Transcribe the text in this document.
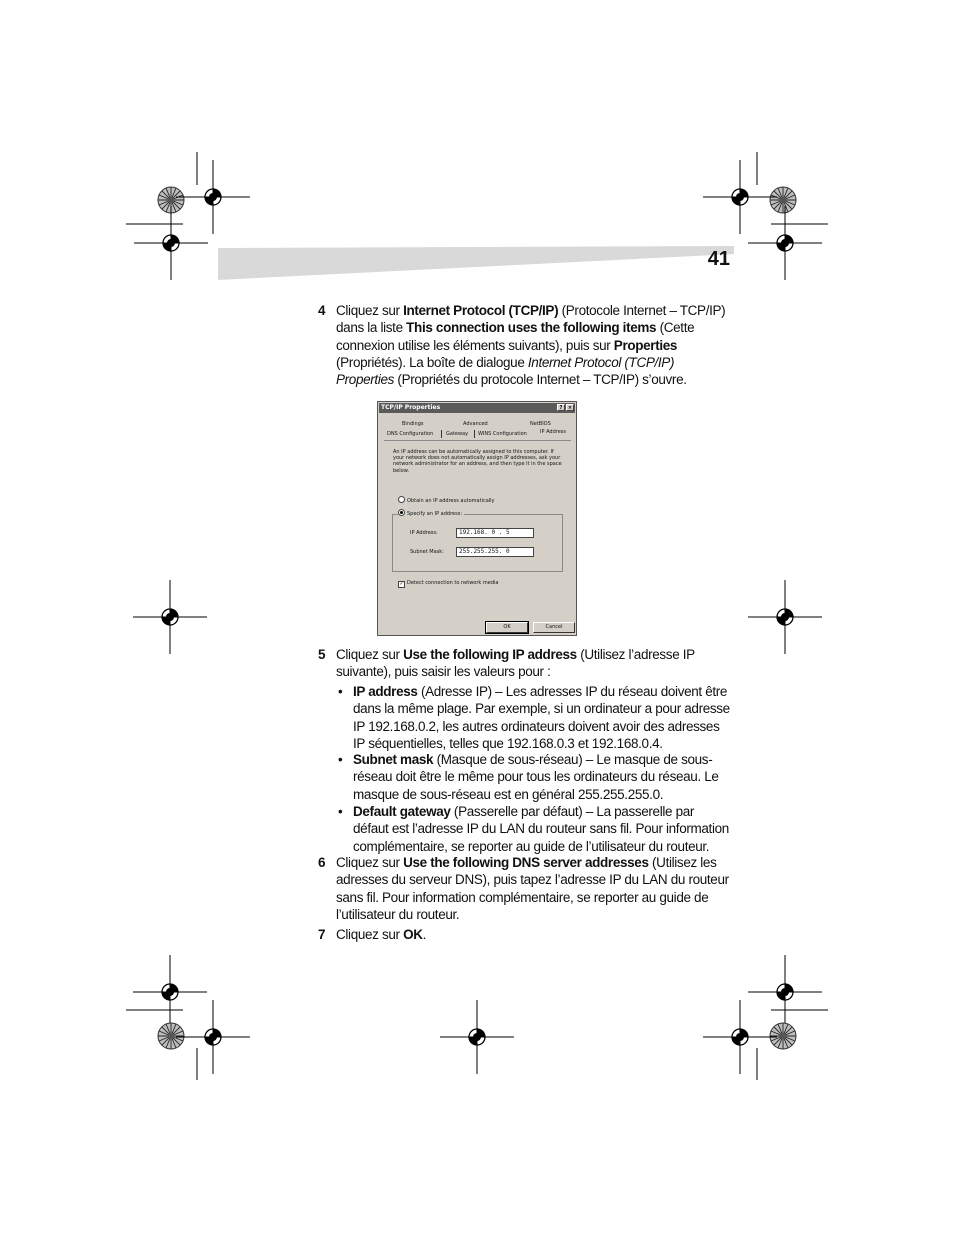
41
4 Cliquez sur Internet Protocol (TCP/IP) (Protocole Internet – TCP/IP) dans la liste This connection uses the following items (Cette connexion utilise les éléments suivants), puis sur Properties (Propriétés). La boîte de dialogue Internet Protocol (TCP/IP) Properties (Propriétés du protocole Internet – TCP/IP) s’ouvre.
TCP/IP Properties	?	×
Bindings	Advanced	NetBIOS
DNS Configuration	Gateway WINS Configuration	IP Address
An IP address can be automatically assigned to this computer. If your network does not automatically assign IP addresses, ask your network administrator for an address, and then type it in the space below.
Obtain an IP address automatically
Specify an IP address:
IP Address:	192.168. 0 . 5
Subnet Mask:	255.255.255. 0
✓ Detect connection to network media
OK	Cancel
5 Cliquez sur Use the following IP address (Utilisez l’adresse IP suivante), puis saisir les valeurs pour :
• IP address (Adresse IP) – Les adresses IP du réseau doivent être dans la même plage. Par exemple, si un ordinateur a pour adresse IP 192.168.0.2, les autres ordinateurs doivent avoir des adresses IP séquentielles, telles que 192.168.0.3 et 192.168.0.4.
• Subnet mask (Masque de sous-réseau) – Le masque de sous-réseau doit être le même pour tous les ordinateurs du réseau. Le masque de sous-réseau est en général 255.255.255.0.
• Default gateway (Passerelle par défaut) – La passerelle par défaut est l’adresse IP du LAN du routeur sans fil. Pour information complémentaire, se reporter au guide de l’utilisateur du routeur.
6 Cliquez sur Use the following DNS server addresses (Utilisez les adresses du serveur DNS), puis tapez l’adresse IP du LAN du routeur sans fil. Pour information complémentaire, se reporter au guide de l’utilisateur du routeur.
7 Cliquez sur OK.
